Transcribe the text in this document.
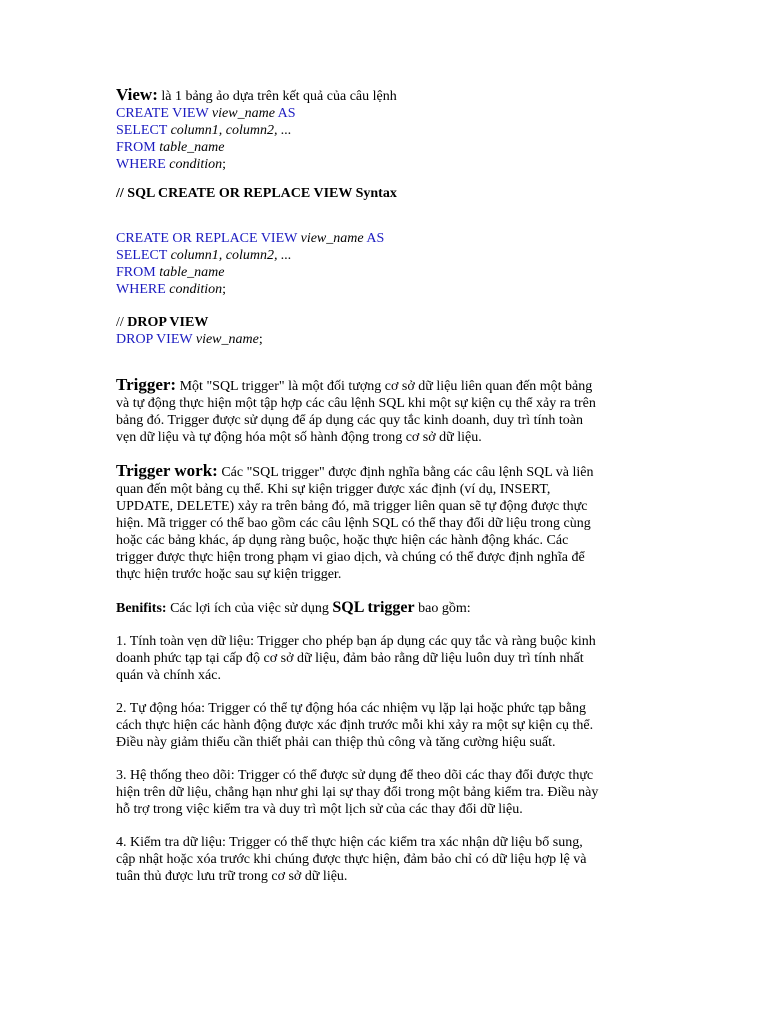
View: là 1 bảng ảo dựa trên kết quả của câu lệnh
CREATE VIEW view_name AS
SELECT column1, column2, ...
FROM table_name
WHERE condition;
// SQL CREATE OR REPLACE VIEW Syntax
CREATE OR REPLACE VIEW view_name AS
SELECT column1, column2, ...
FROM table_name
WHERE condition;
// DROP VIEW
DROP VIEW view_name;
Trigger: Một "SQL trigger" là một đối tượng cơ sở dữ liệu liên quan đến một bảng
và tự động thực hiện một tập hợp các câu lệnh SQL khi một sự kiện cụ thể xảy ra trên
bảng đó. Trigger được sử dụng để áp dụng các quy tắc kinh doanh, duy trì tính toàn
vẹn dữ liệu và tự động hóa một số hành động trong cơ sở dữ liệu.
Trigger work: Các "SQL trigger" được định nghĩa bằng các câu lệnh SQL và liên
quan đến một bảng cụ thể. Khi sự kiện trigger được xác định (ví dụ, INSERT,
UPDATE, DELETE) xảy ra trên bảng đó, mã trigger liên quan sẽ tự động được thực
hiện. Mã trigger có thể bao gồm các câu lệnh SQL có thể thay đổi dữ liệu trong cùng
hoặc các bảng khác, áp dụng ràng buộc, hoặc thực hiện các hành động khác. Các
trigger được thực hiện trong phạm vi giao dịch, và chúng có thể được định nghĩa để
thực hiện trước hoặc sau sự kiện trigger.
Benifits: Các lợi ích của việc sử dụng SQL trigger bao gồm:
1. Tính toàn vẹn dữ liệu: Trigger cho phép bạn áp dụng các quy tắc và ràng buộc kinh
doanh phức tạp tại cấp độ cơ sở dữ liệu, đảm bảo rằng dữ liệu luôn duy trì tính nhất
quán và chính xác.
2. Tự động hóa: Trigger có thể tự động hóa các nhiệm vụ lặp lại hoặc phức tạp bằng
cách thực hiện các hành động được xác định trước mỗi khi xảy ra một sự kiện cụ thể.
Điều này giảm thiểu cần thiết phải can thiệp thủ công và tăng cường hiệu suất.
3. Hệ thống theo dõi: Trigger có thể được sử dụng để theo dõi các thay đổi được thực
hiện trên dữ liệu, chẳng hạn như ghi lại sự thay đổi trong một bảng kiểm tra. Điều này
hỗ trợ trong việc kiểm tra và duy trì một lịch sử của các thay đổi dữ liệu.
4. Kiểm tra dữ liệu: Trigger có thể thực hiện các kiểm tra xác nhận dữ liệu bổ sung,
cập nhật hoặc xóa trước khi chúng được thực hiện, đảm bảo chỉ có dữ liệu hợp lệ và
tuân thủ được lưu trữ trong cơ sở dữ liệu.
